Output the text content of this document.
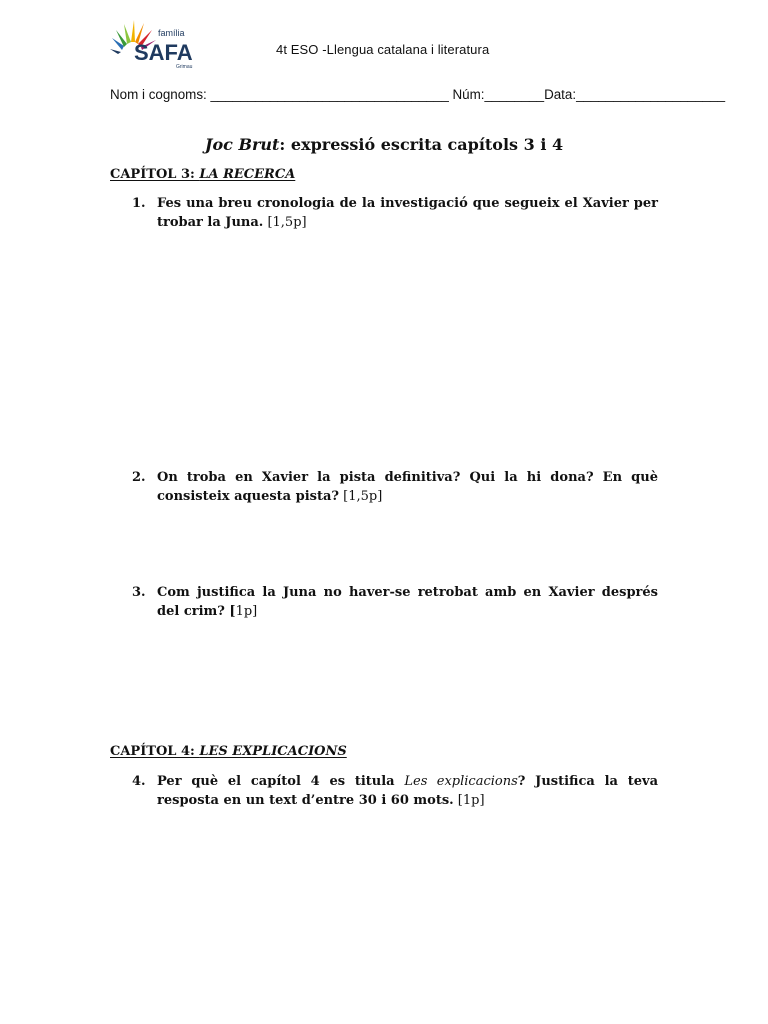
família
SAFA
Grimau
4t ESO -Llengua catalana i literatura
Nom i cognoms: ________________________________ Núm:________Data:____________________
Joc Brut: expressió escrita capítols 3 i 4
CAPÍTOL 3: LA RECERCA
1. Fes una breu cronologia de la investigació que segueix el Xavier per trobar la Juna. [1,5p]
2. On troba en Xavier la pista definitiva? Qui la hi dona? En què consisteix aquesta pista? [1,5p]
3. Com justifica la Juna no haver-se retrobat amb en Xavier després del crim? [1p]
CAPÍTOL 4: LES EXPLICACIONS
4. Per què el capítol 4 es titula Les explicacions? Justifica la teva resposta en un text d’entre 30 i 60 mots. [1p]
